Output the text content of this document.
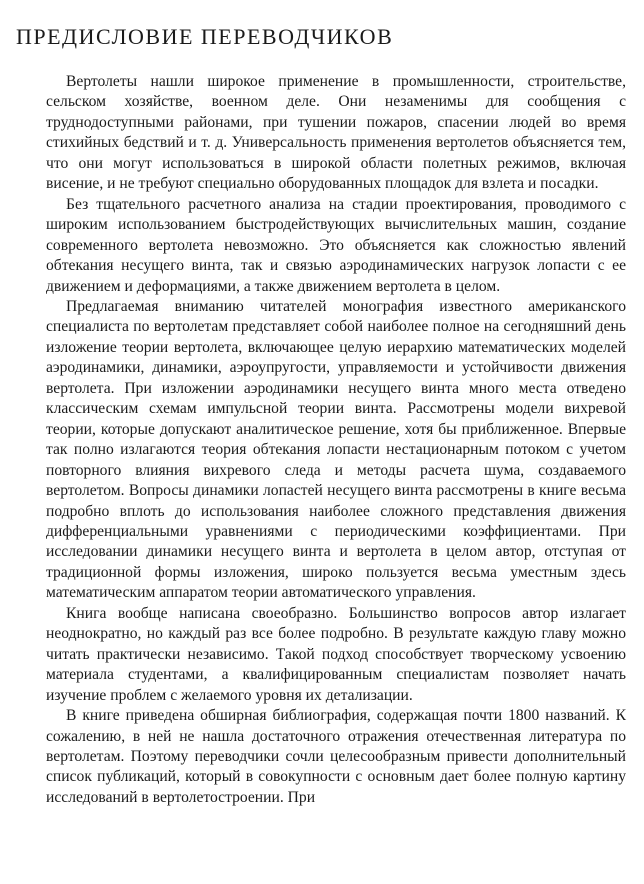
ПРЕДИСЛОВИЕ ПЕРЕВОДЧИКОВ

Вертолеты нашли широкое применение в промышленности, строительстве, сельском хозяйстве, военном деле. Они незаменимы для сообщения с труднодоступными районами, при тушении пожаров, спасении людей во время стихийных бедствий и т. д. Универсальность применения вертолетов объясняется тем, что они могут использоваться в широкой области полетных режимов, включая висение, и не требуют специально оборудованных площадок для взлета и посадки.

Без тщательного расчетного анализа на стадии проектирования, проводимого с широким использованием быстродействующих вычислительных машин, создание современного вертолета невозможно. Это объясняется как сложностью явлений обтекания несущего винта, так и связью аэродинамических нагрузок лопасти с ее движением и деформациями, а также движением вертолета в целом.

Предлагаемая вниманию читателей монография известного американского специалиста по вертолетам представляет собой наиболее полное на сегодняшний день изложение теории вертолета, включающее целую иерархию математических моделей аэродинамики, динамики, аэроупругости, управляемости и устойчивости движения вертолета. При изложении аэродинамики несущего винта много места отведено классическим схемам импульсной теории винта. Рассмотрены модели вихревой теории, которые допускают аналитическое решение, хотя бы приближенное. Впервые так полно излагаются теория обтекания лопасти нестационарным потоком с учетом повторного влияния вихревого следа и методы расчета шума, создаваемого вертолетом. Вопросы динамики лопастей несущего винта рассмотрены в книге весьма подробно вплоть до использования наиболее сложного представления движения дифференциальными уравнениями с периодическими коэффициентами. При исследовании динамики несущего винта и вертолета в целом автор, отступая от традиционной формы изложения, широко пользуется весьма уместным здесь математическим аппаратом теории автоматического управления.

Книга вообще написана своеобразно. Большинство вопросов автор излагает неоднократно, но каждый раз все более подробно. В результате каждую главу можно читать практически независимо. Такой подход способствует творческому усвоению материала студентами, а квалифицированным специалистам позволяет начать изучение проблем с желаемого уровня их детализации.

В книге приведена обширная библиография, содержащая почти 1800 названий. К сожалению, в ней не нашла достаточного отражения отечественная литература по вертолетам. Поэтому переводчики сочли целесообразным привести дополнительный список публикаций, который в совокупности с основным дает более полную картину исследований в вертолетостроении. При
